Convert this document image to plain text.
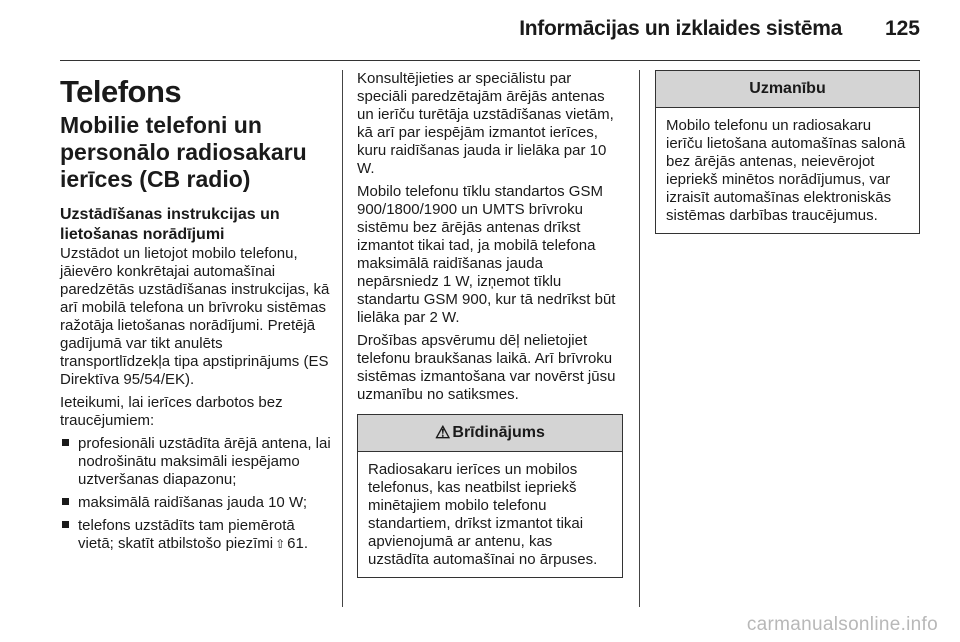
Informācijas un izklaides sistēma 125
Telefons
Mobilie telefoni un personālo radiosakaru ierīces (CB radio)
Uzstādīšanas instrukcijas un lietošanas norādījumi

Uzstādot un lietojot mobilo telefonu, jāievēro konkrētajai automašīnai paredzētās uzstādīšanas instrukcijas, kā arī mobilā telefona un brīvroku sistēmas ražotāja lietošanas norādījumi. Pretējā gadījumā var tikt anulēts transportlīdzekļa tipa apstiprinājums (ES Direktīva 95/54/EK).

Ieteikumi, lai ierīces darbotos bez traucējumiem:

profesionāli uzstādīta ārējā antena, lai nodrošinātu maksimāli iespējamo uztveršanas diapazonu;
maksimālā raidīšanas jauda 10 W;
telefons uzstādīts tam piemērotā vietā; skatīt atbilstošo piezīmi ⇧ 61.

Konsultējieties ar speciālistu par speciāli paredzētajām ārējās antenas un ierīču turētāja uzstādīšanas vietām, kā arī par iespējām izmantot ierīces, kuru raidīšanas jauda ir lielāka par 10 W.

Mobilo telefonu tīklu standartos GSM 900/1800/1900 un UMTS brīvroku sistēmu bez ārējās antenas drīkst izmantot tikai tad, ja mobilā telefona maksimālā raidīšanas jauda nepārsniedz 1 W, izņemot tīklu standartu GSM 900, kur tā nedrīkst būt lielāka par 2 W.

Drošības apsvērumu dēļ nelietojiet telefonu braukšanas laikā. Arī brīvroku sistēmas izmantošana var novērst jūsu uzmanību no satiksmes.

⚠ Brīdinājums

Radiosakaru ierīces un mobilos telefonus, kas neatbilst iepriekš minētajiem mobilo telefonu standartiem, drīkst izmantot tikai apvienojumā ar antenu, kas uzstādīta automašīnai no ārpuses.

Uzmanību

Mobilo telefonu un radiosakaru ierīču lietošana automašīnas salonā bez ārējās antenas, neievērojot iepriekš minētos norādījumus, var izraisīt automašīnas elektroniskās sistēmas darbības traucējumus.

carmanualsonline.info
